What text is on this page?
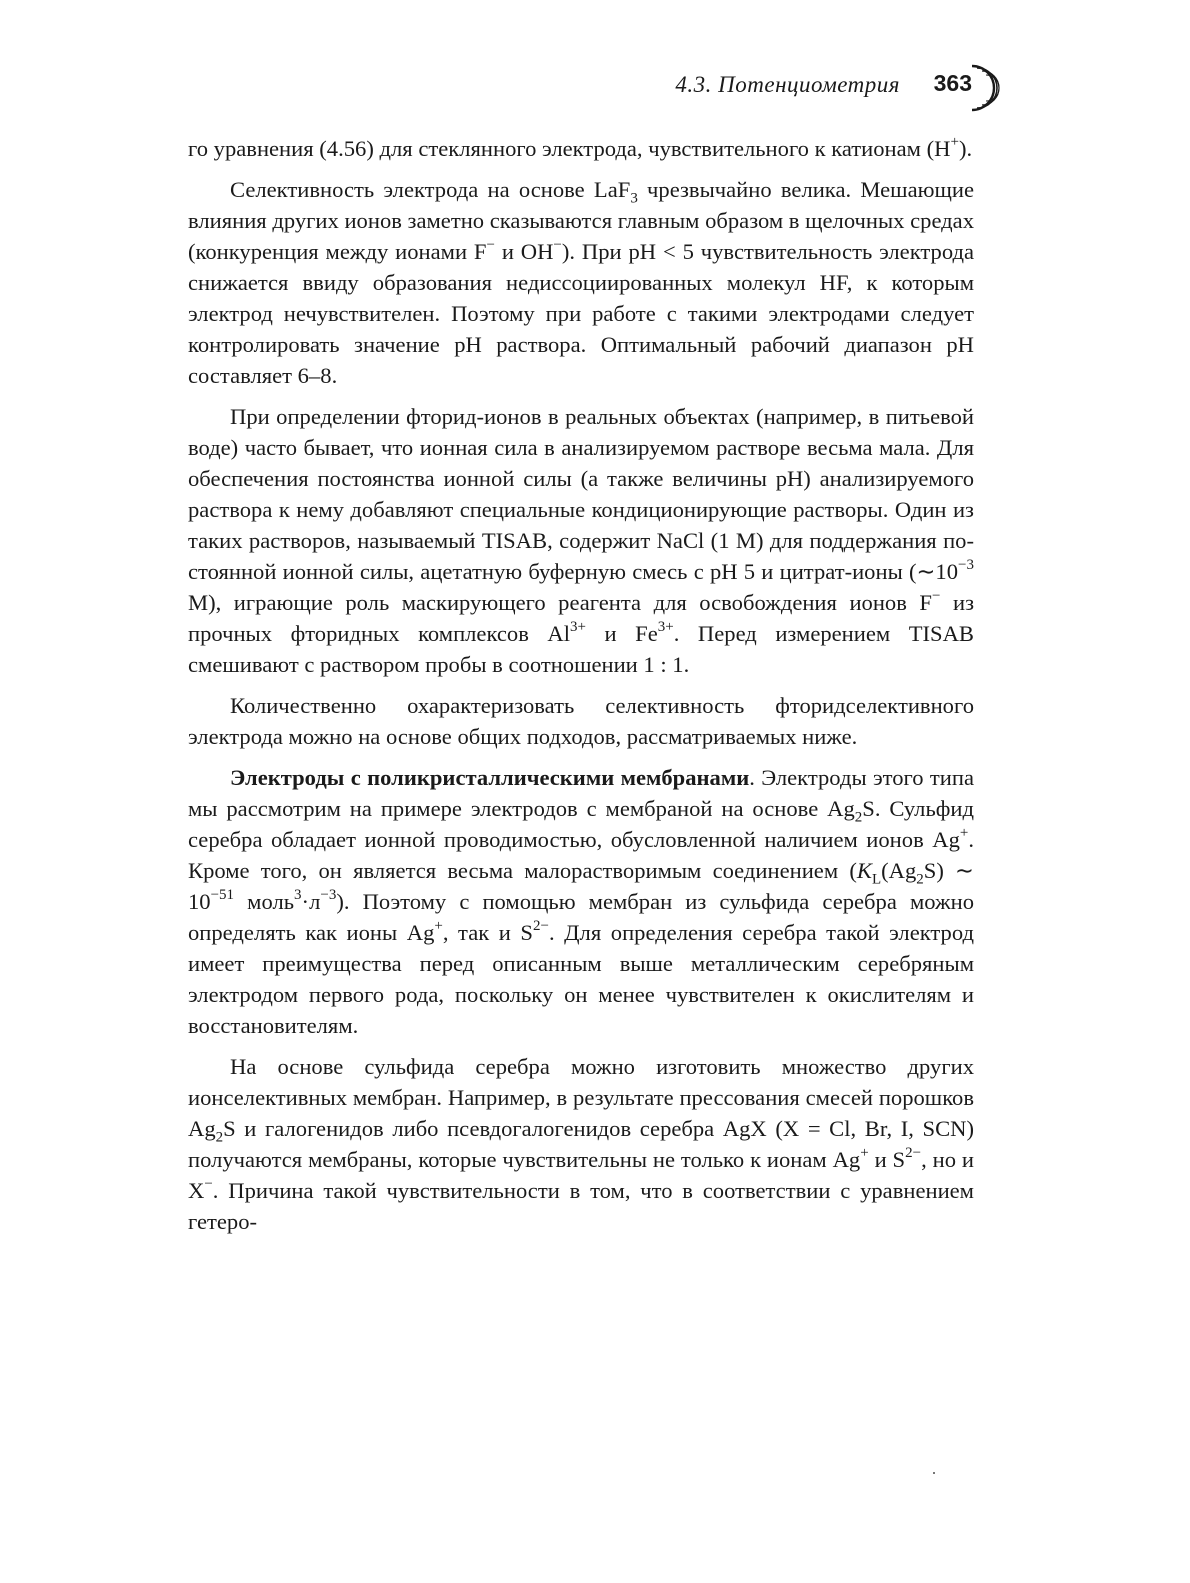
4.3. Потенциометрия 363

го уравнения (4.56) для стеклянного электрода, чувствительного к катионам (H+).

Селективность электрода на основе LaF$_3$ чрезвычайно велика. Мешающие влияния других ионов заметно сказываются главным образом в щелочных средах (конкуренция между ионами F− и OH−). При pH < 5 чувствительность электрода снижается ввиду образования недиссоциированных молекул HF, к которым электрод нечувствителен. Поэтому при работе с такими электродами следует контролировать значение pH раствора. Оптимальный рабочий диапазон pH составляет 6–8.

При определении фторид-ионов в реальных объектах (например, в питьевой воде) часто бывает, что ионная сила в анализируемом растворе весьма мала. Для обеспечения постоянства ионной силы (а также величины pH) анализируемого раствора к нему добавляют специальные кондиционирующие растворы. Один из таких растворов, называемый TISAB, содержит NaCl (1 M) для поддержания постоянной ионной силы, ацетатную буферную смесь с pH 5 и цитрат-ионы ($\sim 10^{-3}$ M), играющие роль маскирующего реагента для освобождения ионов F− из прочных фторидных комплексов $Al^{3+}$ и $Fe^{3+}$. Перед измерением TISAB смешивают с раствором пробы в соотношении 1 : 1.

Количественно охарактеризовать селективность фторидселективного электрода можно на основе общих подходов, рассматриваемых ниже.

Электроды с поликристаллическими мембранами. Электроды этого типа мы рассмотрим на примере электродов с мембраной на основе $Ag_2S$. Сульфид серебра обладает ионной проводимостью, обусловленной наличием ионов Ag+. Кроме того, он является весьма малорастворимым соединением ($K_L(Ag_2S)$ ∼ $10^{-51}$ $моль^3\cdot л^{-3}$). Поэтому с помощью мембран из сульфида серебра можно определять как ионы Ag+, так и $S^{2-}$. Для определения серебра такой электрод имеет преимущества перед описанным выше металлическим серебряным электродом первого рода, поскольку он менее чувствителен к окислителям и восстановителям.

На основе сульфида серебра можно изготовить множество других ионселективных мембран. Например, в результате прессования смесей порошков $Ag_2S$ и галогенидов либо псевдогалогенидов серебра AgX (X = Cl, Br, I, SCN) получаются мембраны, которые чувствительны не только к ионам Ag+ и $S^{2-}$, но и X−. Причина такой чувствительности в том, что в соответствии с уравнением гетеро-
